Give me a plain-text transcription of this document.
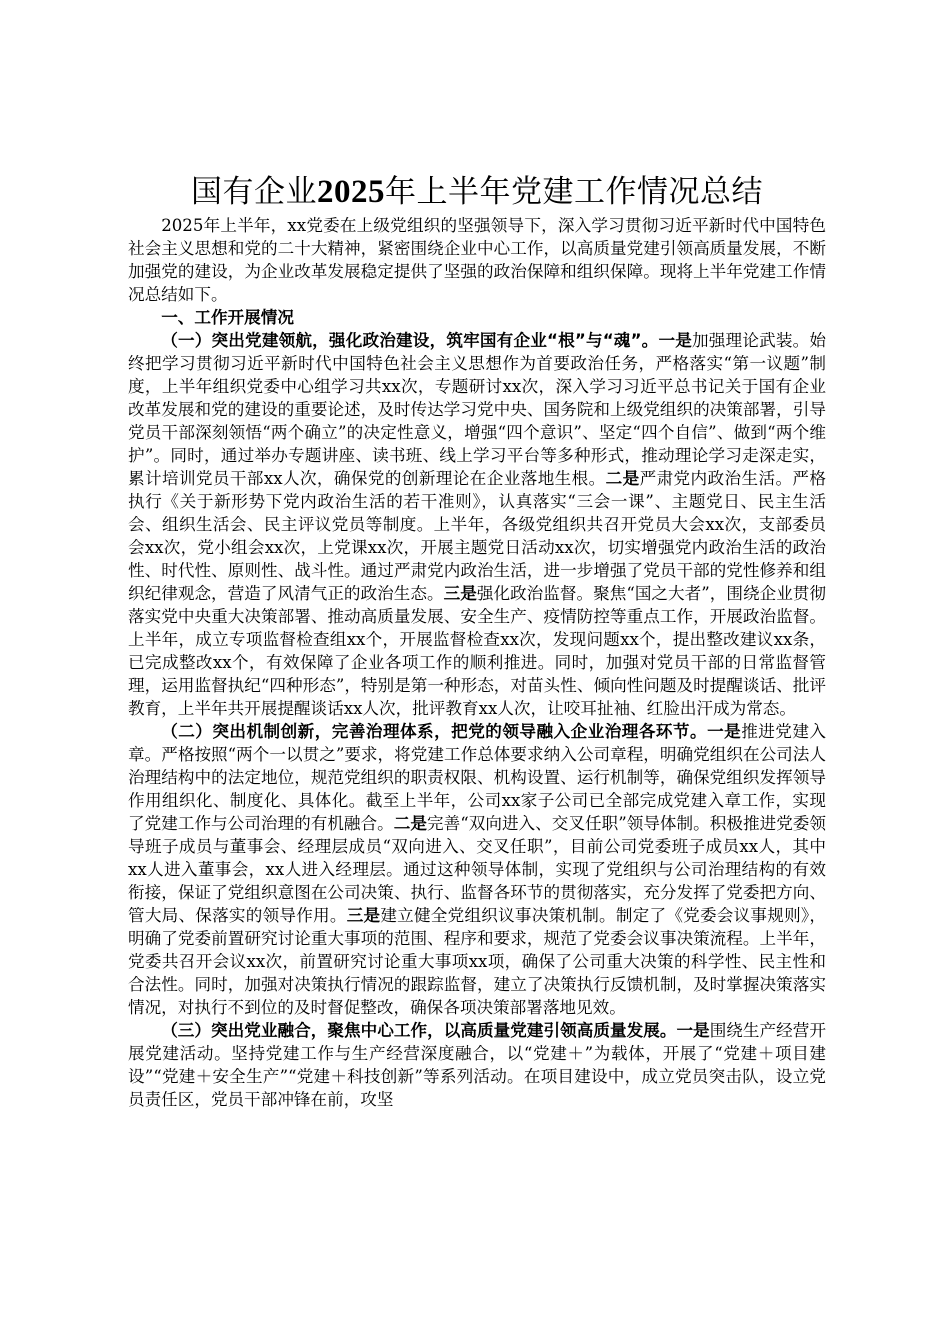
国有企业2025年上半年党建工作情况总结

2025年上半年，xx党委在上级党组织的坚强领导下，深入学习贯彻习近平新时代中国特色社会主义思想和党的二十大精神，紧密围绕企业中心工作，以高质量党建引领高质量发展，不断加强党的建设，为企业改革发展稳定提供了坚强的政治保障和组织保障。现将上半年党建工作情况总结如下。

一、工作开展情况

（一）突出党建领航，强化政治建设，筑牢国有企业“根”与“魂”。一是加强理论武装。始终把学习贯彻习近平新时代中国特色社会主义思想作为首要政治任务，严格落实“第一议题”制度，上半年组织党委中心组学习共xx次，专题研讨xx次，深入学习习近平总书记关于国有企业改革发展和党的建设的重要论述，及时传达学习党中央、国务院和上级党组织的决策部署，引导党员干部深刻领悟“两个确立”的决定性意义，增强“四个意识”、坚定“四个自信”、做到“两个维护”。同时，通过举办专题讲座、读书班、线上学习平台等多种形式，推动理论学习走深走实，累计培训党员干部xx人次，确保党的创新理论在企业落地生根。二是严肃党内政治生活。严格执行《关于新形势下党内政治生活的若干准则》，认真落实“三会一课”、主题党日、民主生活会、组织生活会、民主评议党员等制度。上半年，各级党组织共召开党员大会xx次，支部委员会xx次，党小组会xx次，上党课xx次，开展主题党日活动xx次，切实增强党内政治生活的政治性、时代性、原则性、战斗性。通过严肃党内政治生活，进一步增强了党员干部的党性修养和组织纪律观念，营造了风清气正的政治生态。三是强化政治监督。聚焦“国之大者”，围绕企业贯彻落实党中央重大决策部署、推动高质量发展、安全生产、疫情防控等重点工作，开展政治监督。上半年，成立专项监督检查组xx个，开展监督检查xx次，发现问题xx个，提出整改建议xx条，已完成整改xx个，有效保障了企业各项工作的顺利推进。同时，加强对党员干部的日常监督管理，运用监督执纪“四种形态”，特别是第一种形态，对苗头性、倾向性问题及时提醒谈话、批评教育，上半年共开展提醒谈话xx人次，批评教育xx人次，让咬耳扯袖、红脸出汗成为常态。

（二）突出机制创新，完善治理体系，把党的领导融入企业治理各环节。一是推进党建入章。严格按照“两个一以贯之”要求，将党建工作总体要求纳入公司章程，明确党组织在公司法人治理结构中的法定地位，规范党组织的职责权限、机构设置、运行机制等，确保党组织发挥领导作用组织化、制度化、具体化。截至上半年，公司xx家子公司已全部完成党建入章工作，实现了党建工作与公司治理的有机融合。二是完善“双向进入、交叉任职”领导体制。积极推进党委领导班子成员与董事会、经理层成员“双向进入、交叉任职”，目前公司党委班子成员xx人，其中xx人进入董事会，xx人进入经理层。通过这种领导体制，实现了党组织与公司治理结构的有效衔接，保证了党组织意图在公司决策、执行、监督各环节的贯彻落实，充分发挥了党委把方向、管大局、保落实的领导作用。三是建立健全党组织议事决策机制。制定了《党委会议事规则》，明确了党委前置研究讨论重大事项的范围、程序和要求，规范了党委会议事决策流程。上半年，党委共召开会议xx次，前置研究讨论重大事项xx项，确保了公司重大决策的科学性、民主性和合法性。同时，加强对决策执行情况的跟踪监督，建立了决策执行反馈机制，及时掌握决策落实情况，对执行不到位的及时督促整改，确保各项决策部署落地见效。

（三）突出党业融合，聚焦中心工作，以高质量党建引领高质量发展。一是围绕生产经营开展党建活动。坚持党建工作与生产经营深度融合，以“党建＋”为载体，开展了“党建＋项目建设”“党建＋安全生产”“党建＋科技创新”等系列活动。在项目建设中，成立党员突击队，设立党员责任区，党员干部冲锋在前，攻坚
